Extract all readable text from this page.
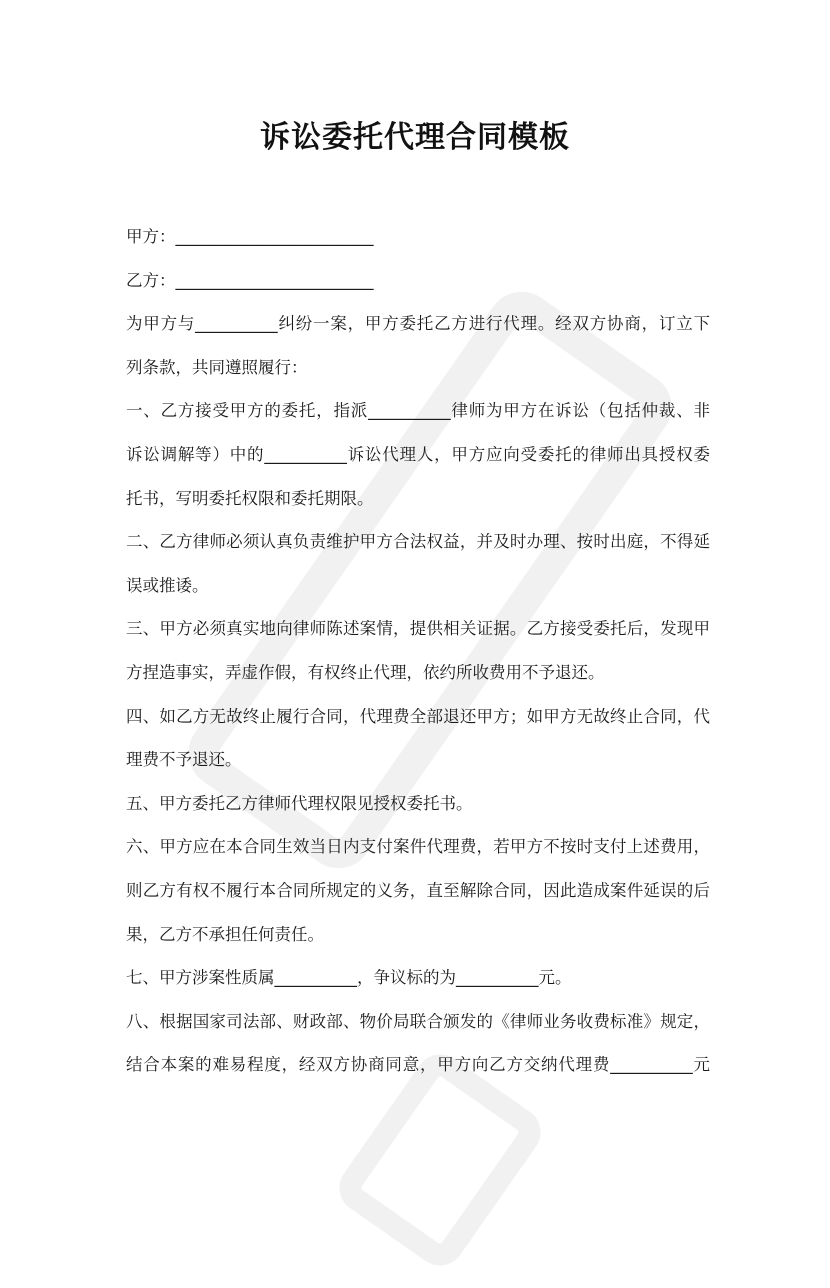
诉讼委托代理合同模板
甲方：________________________
乙方：________________________
为甲方与__________纠纷一案，甲方委托乙方进行代理。经双方协商，订立下
列条款，共同遵照履行：
一、乙方接受甲方的委托，指派__________律师为甲方在诉讼（包括仲裁、非
诉讼调解等）中的__________诉讼代理人，甲方应向受委托的律师出具授权委
托书，写明委托权限和委托期限。
二、乙方律师必须认真负责维护甲方合法权益，并及时办理、按时出庭，不得延
误或推诿。
三、甲方必须真实地向律师陈述案情，提供相关证据。乙方接受委托后，发现甲
方捏造事实，弄虚作假，有权终止代理，依约所收费用不予退还。
四、如乙方无故终止履行合同，代理费全部退还甲方；如甲方无故终止合同，代
理费不予退还。
五、甲方委托乙方律师代理权限见授权委托书。
六、甲方应在本合同生效当日内支付案件代理费，若甲方不按时支付上述费用，
则乙方有权不履行本合同所规定的义务，直至解除合同，因此造成案件延误的后
果，乙方不承担任何责任。
七、甲方涉案性质属__________，争议标的为__________元。
八、根据国家司法部、财政部、物价局联合颁发的《律师业务收费标准》规定，
结合本案的难易程度，经双方协商同意，甲方向乙方交纳代理费__________元
